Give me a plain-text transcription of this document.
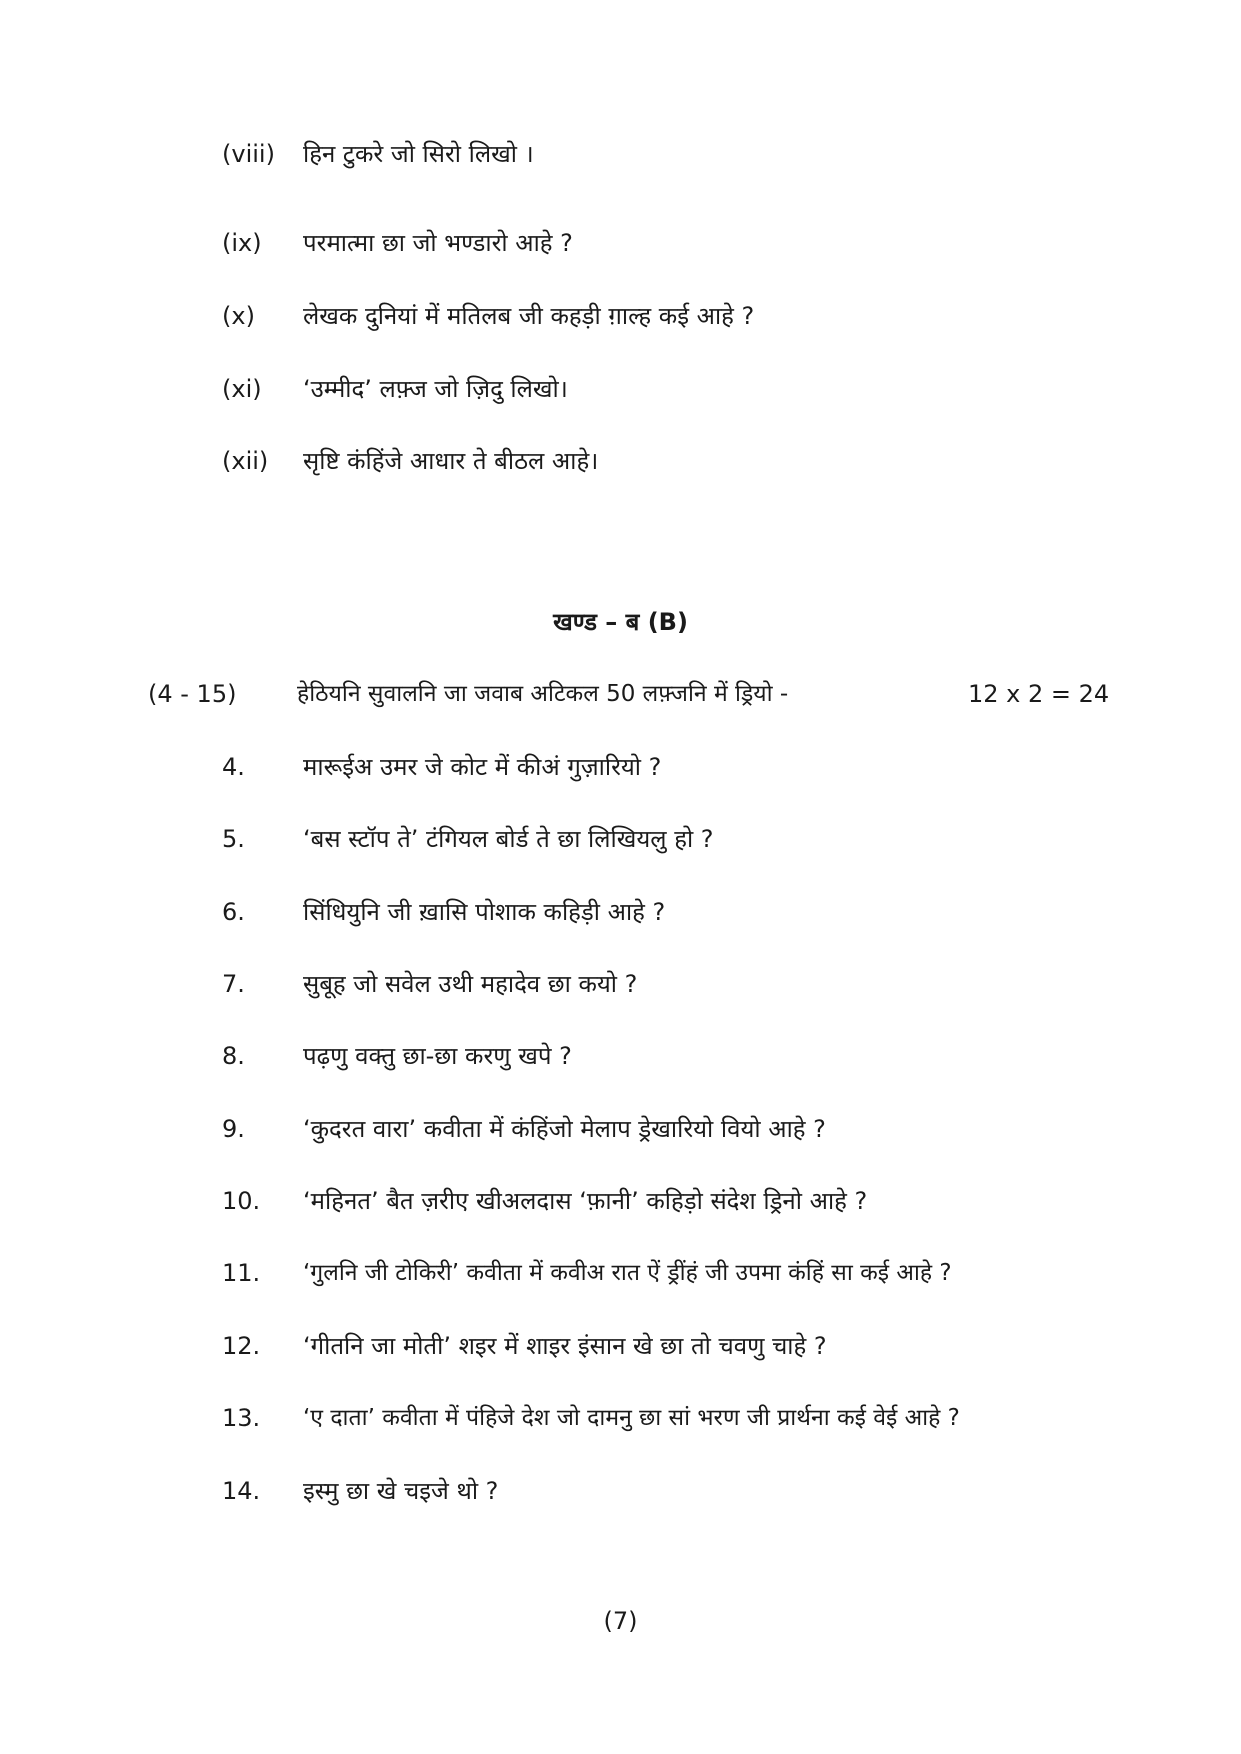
(viii) हिन टुकरे जो सिरो लिखो ।
(ix) परमात्मा छा जो भण्डारो आहे ?
(x) लेखक दुनियां में मतिलब जी कहड़ी ग़ाल्ह कई आहे ?
(xi) ‘उम्मीद’ लफ़्ज जो ज़िदु लिखो।
(xii) सृष्टि कंहिंजे आधार ते बीठल आहे।
खण्ड – ब (B)
(4 - 15)	हेठियनि सुवालनि जा जवाब अटिकल 50 लफ़्जनि में ड्रियो -	12 x 2 = 24
4. मारूईअ उमर जे कोट में कीअं गुज़ारियो ?
5. ‘बस स्टॉप ते’ टंगियल बोर्ड ते छा लिखियलु हो ?
6. सिंधियुनि जी ख़ासि पोशाक कहिड़ी आहे ?
7. सुबूह जो सवेल उथी महादेव छा कयो ?
8. पढ़णु वक्तु छा-छा करणु खपे ?
9. ‘कुदरत वारा’ कवीता में कंहिंजो मेलाप ड्रेखारियो वियो आहे ?
10. ‘महिनत’ बैत ज़रीए खीअलदास ‘फ़ानी’ कहिड़ो संदेश ड्रिनो आहे ?
11. ‘गुलनि जी टोकिरी’ कवीता में कवीअ रात ऐं ड्रींहं जी उपमा कंहिं सा कई आहे ?
12. ‘गीतनि जा मोती’ शइर में शाइर इंसान खे छा तो चवणु चाहे ?
13. ‘ए दाता’ कवीता में पंहिजे देश जो दामनु छा सां भरण जी प्रार्थना कई वेई आहे ?
14. इस्मु छा खे चइजे थो ?
(7)
